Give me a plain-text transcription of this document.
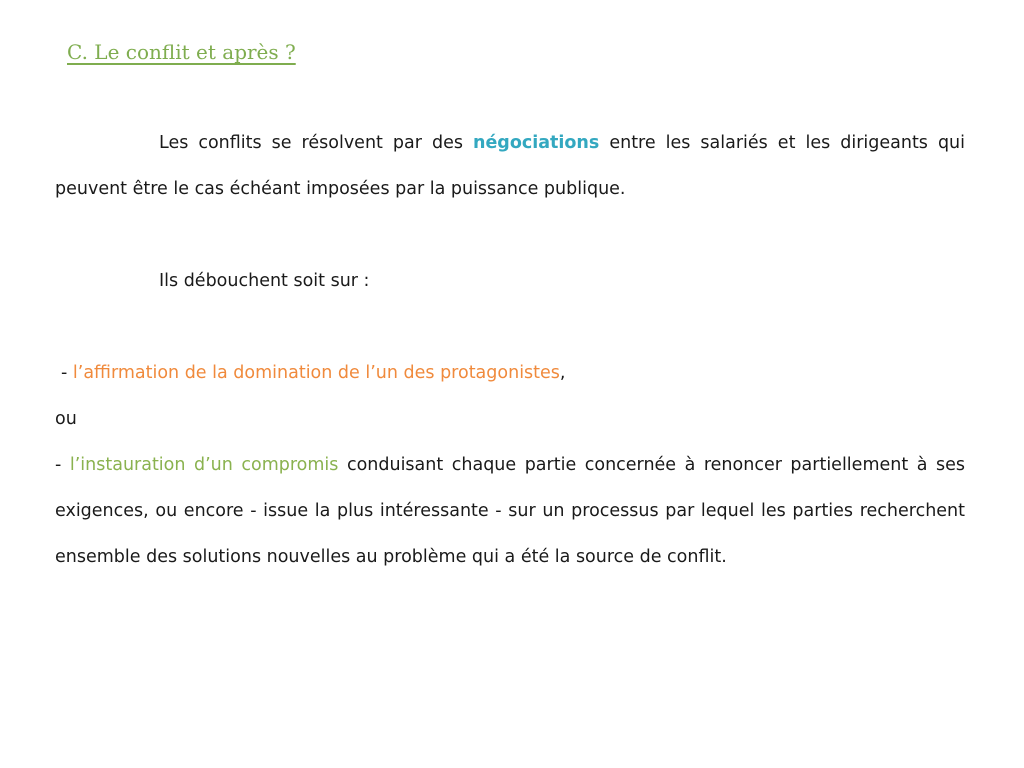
C. Le conflit et après ?

Les conflits se résolvent par des négociations entre les salariés et les dirigeants qui peuvent être le cas échéant imposées par la puissance publique.

Ils débouchent soit sur :

- l’affirmation de la domination de l’un des protagonistes,

ou

- l’instauration d’un compromis conduisant chaque partie concernée à renoncer partiellement à ses exigences, ou encore - issue la plus intéressante - sur un processus par lequel les parties recherchent ensemble des solutions nouvelles au problème qui a été la source de conflit.
